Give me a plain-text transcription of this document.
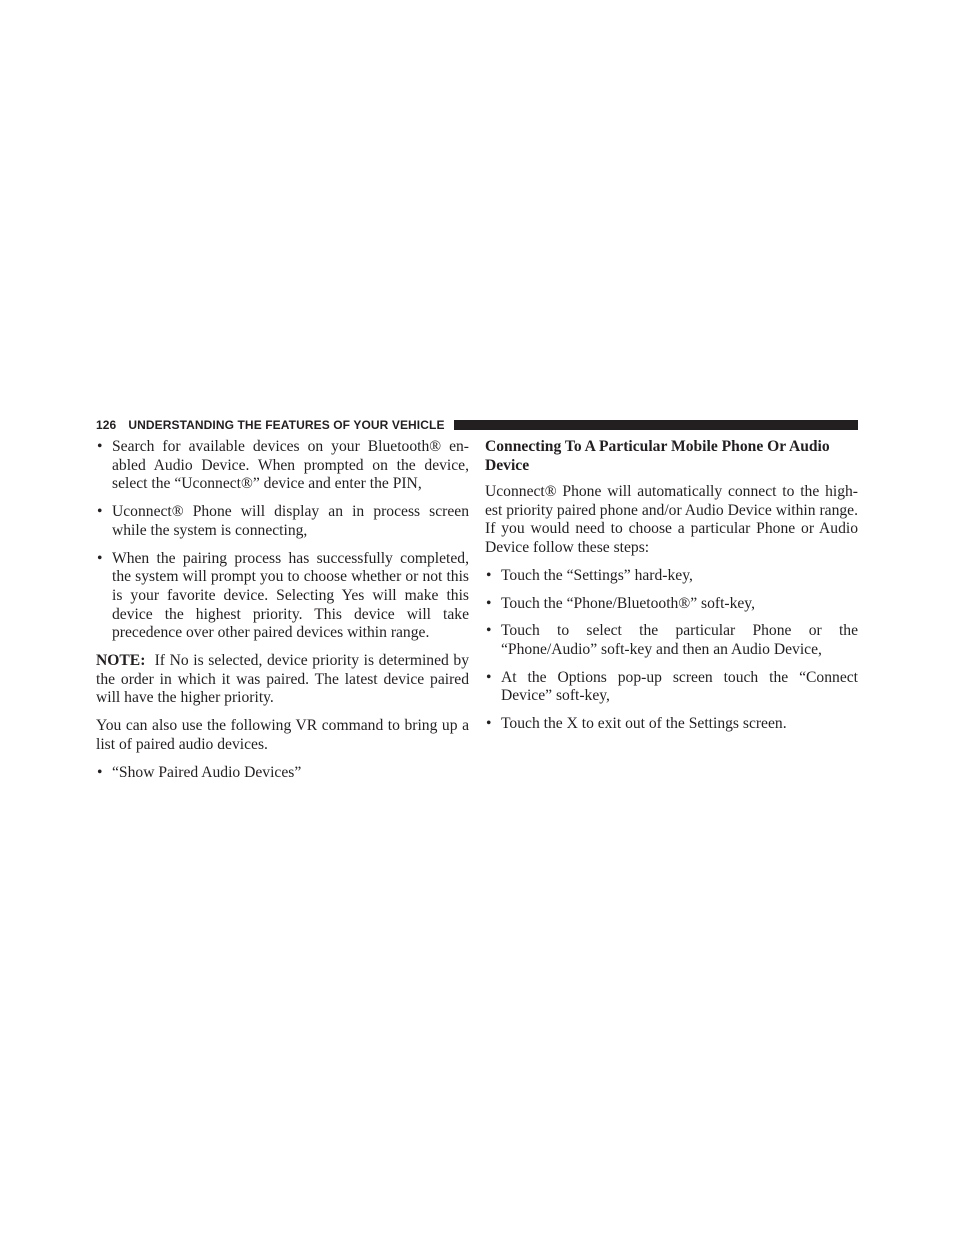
126 UNDERSTANDING THE FEATURES OF YOUR VEHICLE
• Search for available devices on your Bluetooth® en-abled Audio Device. When prompted on the device, select the “Uconnect®” device and enter the PIN,
• Uconnect® Phone will display an in process screen while the system is connecting,
• When the pairing process has successfully completed, the system will prompt you to choose whether or not this is your favorite device. Selecting Yes will make this device the highest priority. This device will take precedence over other paired devices within range.

NOTE: If No is selected, device priority is determined by the order in which it was paired. The latest device paired will have the higher priority.

You can also use the following VR command to bring up a list of paired audio devices.

• “Show Paired Audio Devices”
Connecting To A Particular Mobile Phone Or Audio Device

Uconnect® Phone will automatically connect to the high-est priority paired phone and/or Audio Device within range. If you would need to choose a particular Phone or Audio Device follow these steps:

• Touch the “Settings” hard-key,
• Touch the “Phone/Bluetooth®” soft-key,
• Touch to select the particular Phone or the “Phone/Audio” soft-key and then an Audio Device,
• At the Options pop-up screen touch the “Connect Device” soft-key,
• Touch the X to exit out of the Settings screen.
